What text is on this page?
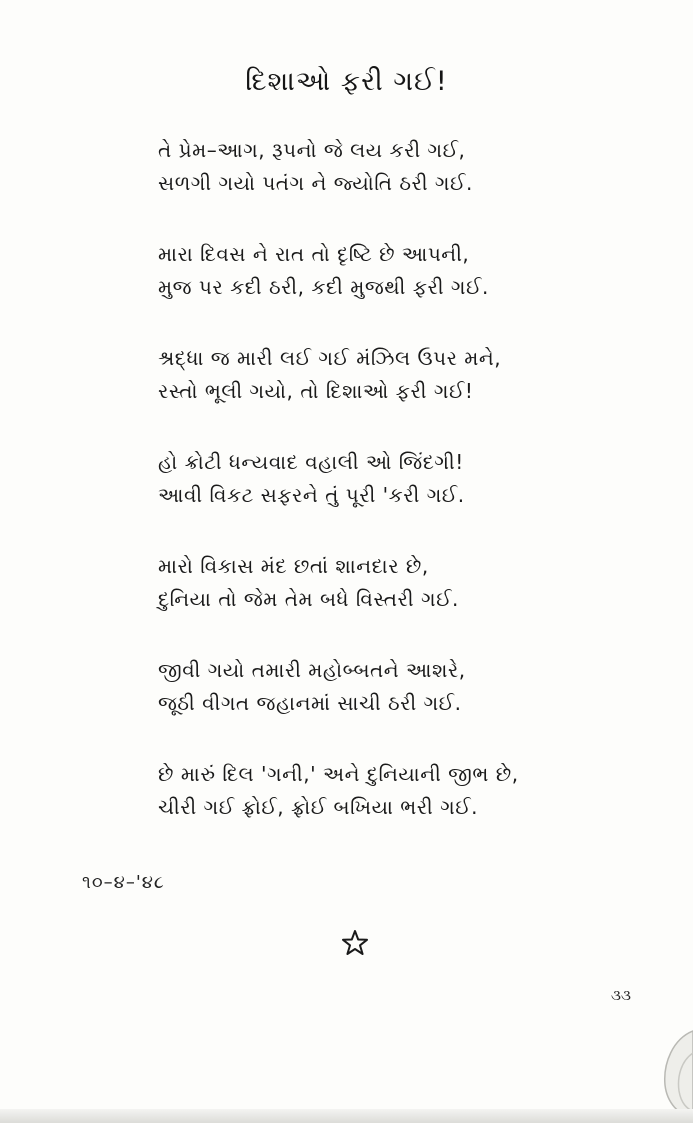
દિશાઓ ફરી ગઈ!
તે પ્રેમ–આગ, રૂપનો જે લય કરી ગઈ,
સળગી ગયો પતંગ ને જ્યોતિ ઠરી ગઈ.
મારા દિવસ ને રાત તો દૃષ્ટિ છે આપની,
મુજ પર કદી ઠરી, કદી મુજથી ફરી ગઈ.
શ્રદ્ધા જ મારી લઈ ગઈ મંઝિલ ઉપર મને,
રસ્તો ભૂલી ગયો, તો દિશાઓ ફરી ગઈ!
હો ક્રોટી ધન્યવાદ વહાલી ઓ જિંદગી!
આવી વિકટ સફરને તું પૂરી 'કરી ગઈ.
મારો વિકાસ મંદ છતાં શાનદાર છે,
દુનિયા તો જેમ તેમ બધે વિસ્તરી ગઈ.
જીવી ગયો તમારી મહોબ્બતને આશરે,
જૂઠી વીગત જહાનમાં સાચી ઠરી ગઈ.
છે મારું દિલ 'ગની,' અને દુનિયાની જીભ છે,
ચીરી ગઈ ફ્રોઈ, ફ્રોઈ બખિયા ભરી ગઈ.
૧૦–૪–'૪૮
૩૩
